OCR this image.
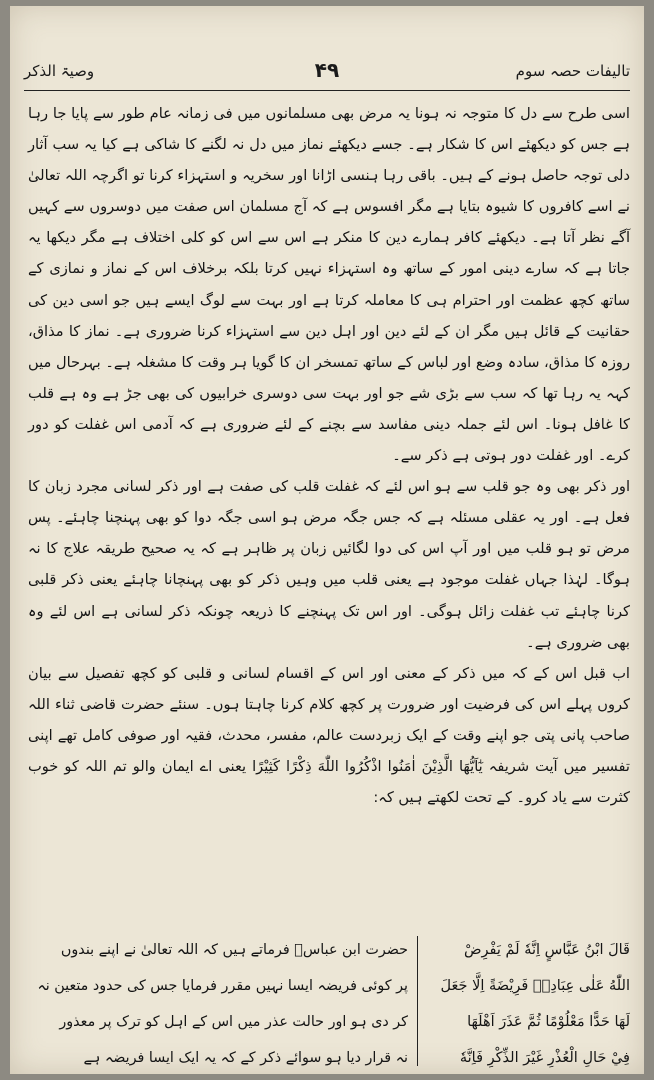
تالیفات حصہ سوم
۴۹
وصیۃ الذکر

اسی طرح سے دل کا متوجہ نہ ہونا یہ مرض بھی مسلمانوں میں فی زمانہ عام طور سے پایا جا رہا ہے جس کو دیکھئے اس کا شکار ہے۔ جسے دیکھئے نماز میں دل نہ لگنے کا شاکی ہے کیا یہ سب آثار دلی توجہ حاصل ہونے کے ہیں۔ باقی رہا ہنسی اڑانا اور سخریہ و استہزاء کرنا تو اگرچہ اللہ تعالیٰ نے اسے کافروں کا شیوہ بتایا ہے مگر افسوس ہے کہ آج مسلمان اس صفت میں دوسروں سے کہیں آگے نظر آتا ہے۔ دیکھئے کافر ہمارے دین کا منکر ہے اس سے اس کو کلی اختلاف ہے مگر دیکھا یہ جاتا ہے کہ سارے دینی امور کے ساتھ وہ استہزاء نہیں کرتا بلکہ برخلاف اس کے نماز و نمازی کے ساتھ کچھ عظمت اور احترام ہی کا معاملہ کرتا ہے اور بہت سے لوگ ایسے ہیں جو اسی دین کی حقانیت کے قائل ہیں مگر ان کے لئے دین اور اہل دین سے استہزاء کرنا ضروری ہے۔ نماز کا مذاق، روزہ کا مذاق، سادہ وضع اور لباس کے ساتھ تمسخر ان کا گویا ہر وقت کا مشغلہ ہے۔ بہرحال میں کہہ یہ رہا تھا کہ سب سے بڑی شے جو اور بہت سی دوسری خرابیوں کی بھی جڑ ہے وہ ہے قلب کا غافل ہونا۔ اس لئے جملہ دینی مفاسد سے بچنے کے لئے ضروری ہے کہ آدمی اس غفلت کو دور کرے۔ اور غفلت دور ہوتی ہے ذکر سے۔

اور ذکر بھی وہ جو قلب سے ہو اس لئے کہ غفلت قلب کی صفت ہے اور ذکر لسانی مجرد زبان کا فعل ہے۔ اور یہ عقلی مسئلہ ہے کہ جس جگہ مرض ہو اسی جگہ دوا کو بھی پہنچنا چاہئے۔ پس مرض تو ہو قلب میں اور آپ اس کی دوا لگائیں زبان پر ظاہر ہے کہ یہ صحیح طریقہ علاج کا نہ ہوگا۔ لہٰذا جہاں غفلت موجود ہے یعنی قلب میں وہیں ذکر کو بھی پہنچانا چاہئے یعنی ذکر قلبی کرنا چاہئے تب غفلت زائل ہوگی۔ اور اس تک پہنچنے کا ذریعہ چونکہ ذکر لسانی ہے اس لئے وہ بھی ضروری ہے۔

اب قبل اس کے کہ میں ذکر کے معنی اور اس کے اقسام لسانی و قلبی کو کچھ تفصیل سے بیان کروں پہلے اس کی فرضیت اور ضرورت پر کچھ کلام کرنا چاہتا ہوں۔ سنئے حضرت قاضی ثناء اللہ صاحب پانی پتی جو اپنے وقت کے ایک زبردست عالم، مفسر، محدث، فقیہ اور صوفی کامل تھے اپنی تفسیر میں آیت شریفہ یٰٓاَیُّهَا الَّذِیْنَ اٰمَنُوا اذْکُرُوا اللّٰهَ ذِکْرًا کَثِیْرًا یعنی اے ایمان والو تم اللہ کو خوب کثرت سے یاد کرو۔ کے تحت لکھتے ہیں کہ:

قَالَ ابْنُ عَبَّاسٍ اِنَّهٗ لَمْ يَفْرِضْ
اللّٰهُ عَلٰى عِبَادِهٖ فَرِيْضَةً اِلَّا جَعَلَ
لَهَا حَدًّا مَعْلُوْمًا ثُمَّ عَذَرَ اَهْلَهَا
فِيْ حَالِ الْعُذْرِ غَيْرَ الذِّكْرِ فَاِنَّهٗ
حضرت ابن عباسؓ فرماتے ہیں کہ اللہ تعالیٰ نے اپنے بندوں
پر کوئی فریضہ ایسا نہیں مقرر فرمایا جس کی حدود متعین نہ
کر دی ہو اور حالت عذر میں اس کے اہل کو ترک پر معذور
نہ قرار دیا ہو سوائے ذکر کے کہ یہ ایک ایسا فریضہ ہے
